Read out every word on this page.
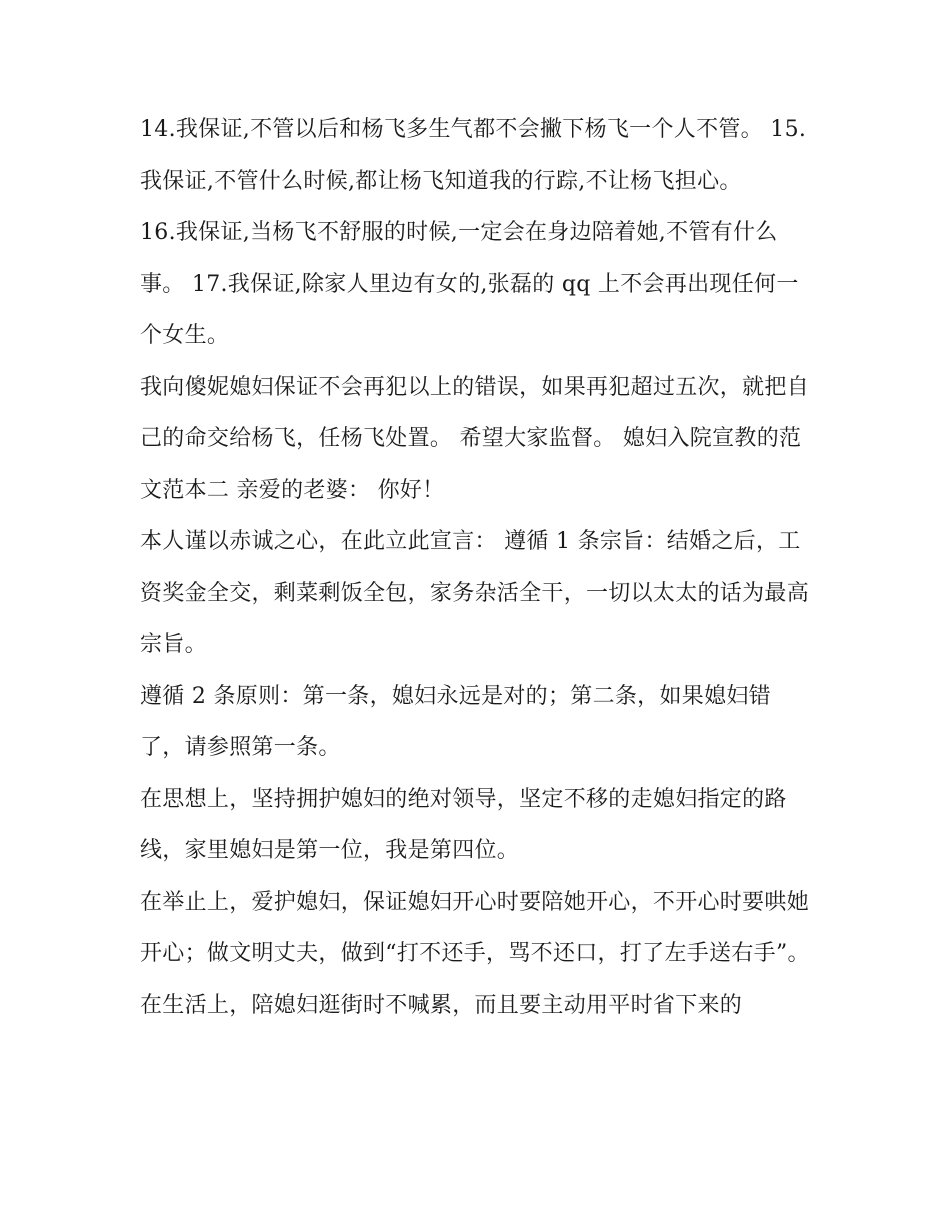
14.我保证,不管以后和杨飞多生气都不会撇下杨飞一个人不管。 15.我保证,不管什么时候,都让杨飞知道我的行踪,不让杨飞担心。

16.我保证,当杨飞不舒服的时候,一定会在身边陪着她,不管有什么事。 17.我保证,除家人里边有女的,张磊的 qq 上不会再出现任何一个女生。

我向傻妮媳妇保证不会再犯以上的错误，如果再犯超过五次，就把自己的命交给杨飞，任杨飞处置。 希望大家监督。 媳妇入院宣教的范文范本二 亲爱的老婆： 你好！

本人谨以赤诚之心，在此立此宣言： 遵循 1 条宗旨：结婚之后，工资奖金全交，剩菜剩饭全包，家务杂活全干，一切以太太的话为最高宗旨。

遵循 2 条原则：第一条，媳妇永远是对的；第二条，如果媳妇错了，请参照第一条。

在思想上，坚持拥护媳妇的绝对领导，坚定不移的走媳妇指定的路线，家里媳妇是第一位，我是第四位。

在举止上，爱护媳妇，保证媳妇开心时要陪她开心，不开心时要哄她开心；做文明丈夫，做到“打不还手，骂不还口，打了左手送右手”。

在生活上，陪媳妇逛街时不喊累，而且要主动用平时省下来的
